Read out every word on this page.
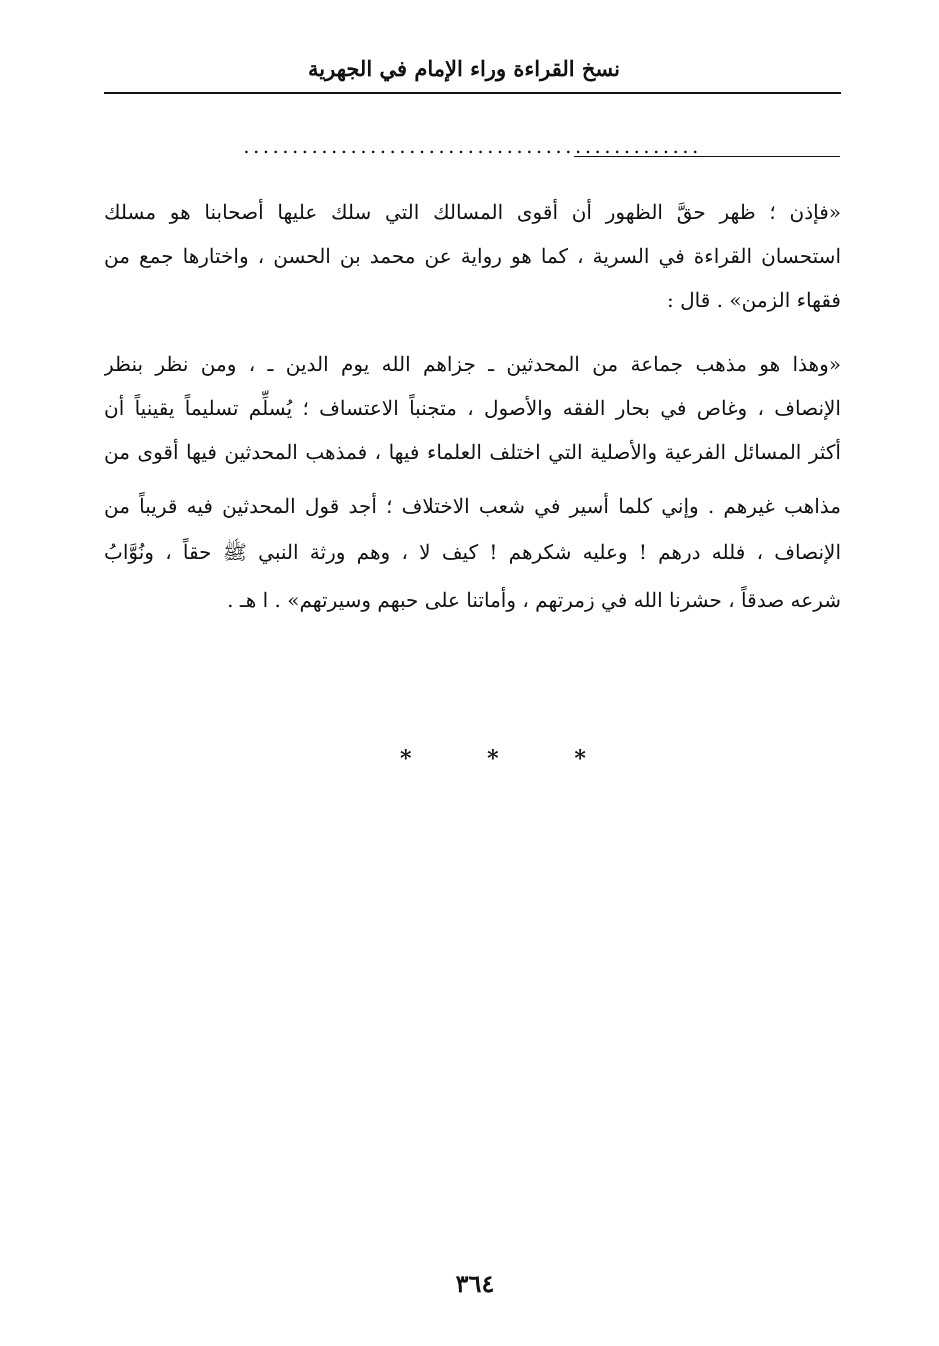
نسخ القراءة وراء الإمام في الجهرية
...............................................
«فإذن ؛ ظهر حقَّ الظهور أن أقوى المسالك التي سلك عليها أصحابنا هو مسلك
استحسان القراءة في السرية ، كما هو رواية عن محمد بن الحسن ، واختارها جمع من
فقهاء الزمن» . قال :
«وهذا هو مذهب جماعة من المحدثين ـ جزاهم الله يوم الدين ـ ، ومن نظر بنظر
الإنصاف ، وغاص في بحار الفقه والأصول ، متجنباً الاعتساف ؛ يُسلِّم تسليماً يقينياً أن
أكثر المسائل الفرعية والأصلية التي اختلف العلماء فيها ، فمذهب المحدثين فيها أقوى من
مذاهب غيرهم . وإني كلما أسير في شعب الاختلاف ؛ أجد قول المحدثين فيه قريباً من
الإنصاف ، فلله درهم ! وعليه شكرهم ! كيف لا ، وهم ورثة النبي ﷺ حقاً ، ونُوَّابُ
شرعه صدقاً ، حشرنا الله في زمرتهم ، وأماتنا على حبهم وسيرتهم» . ا هـ .
* * *
٣٦٤
